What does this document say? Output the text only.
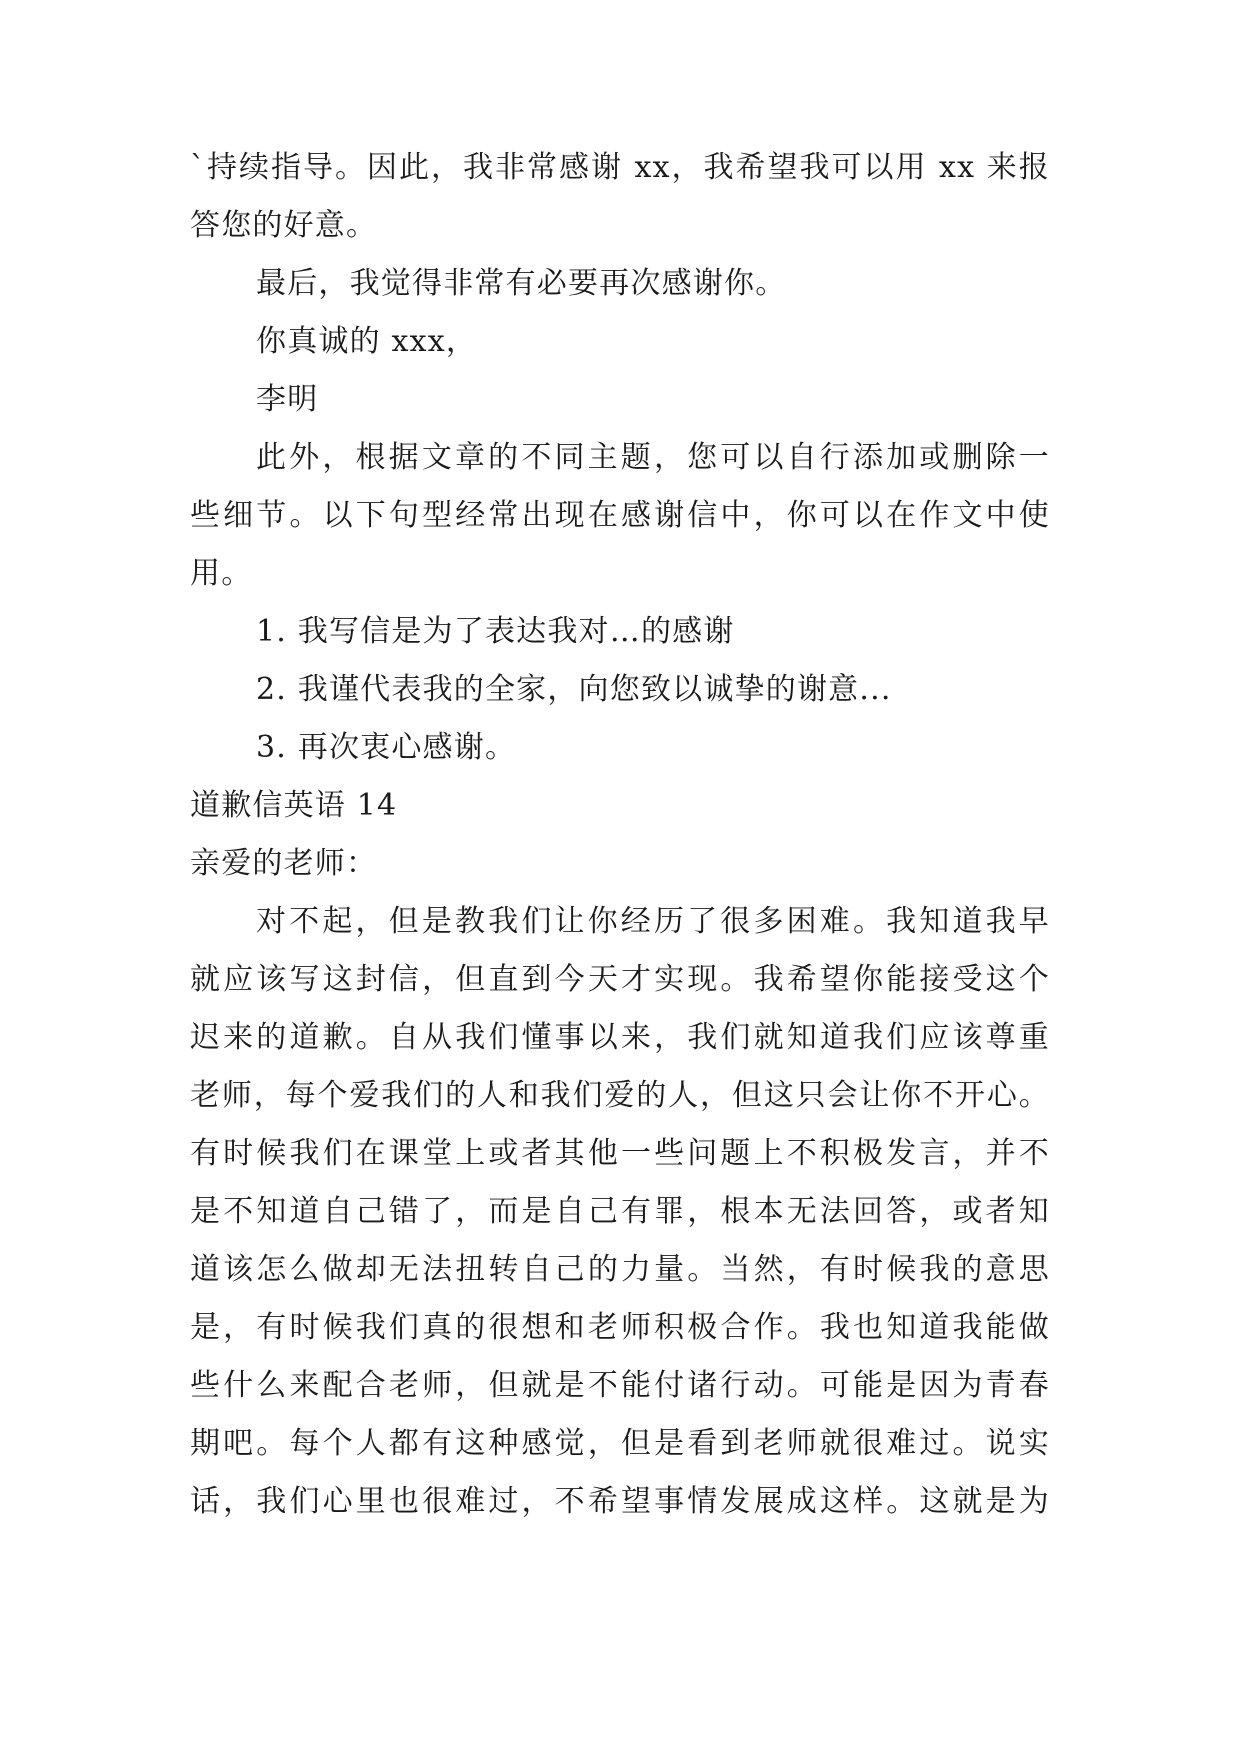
`持续指导。因此，我非常感谢 xx，我希望我可以用 xx 来报
答您的好意。
最后，我觉得非常有必要再次感谢你。
你真诚的 xxx，
李明
此外，根据文章的不同主题，您可以自行添加或删除一
些细节。以下句型经常出现在感谢信中，你可以在作文中使
用。
1. 我写信是为了表达我对…的感谢
2. 我谨代表我的全家，向您致以诚挚的谢意...
3. 再次衷心感谢。
道歉信英语 14
亲爱的老师：
对不起，但是教我们让你经历了很多困难。我知道我早
就应该写这封信，但直到今天才实现。我希望你能接受这个
迟来的道歉。自从我们懂事以来，我们就知道我们应该尊重
老师，每个爱我们的人和我们爱的人，但这只会让你不开心。
有时候我们在课堂上或者其他一些问题上不积极发言，并不
是不知道自己错了，而是自己有罪，根本无法回答，或者知
道该怎么做却无法扭转自己的力量。当然，有时候我的意思
是，有时候我们真的很想和老师积极合作。我也知道我能做
些什么来配合老师，但就是不能付诸行动。可能是因为青春
期吧。每个人都有这种感觉，但是看到老师就很难过。说实
话，我们心里也很难过，不希望事情发展成这样。这就是为
